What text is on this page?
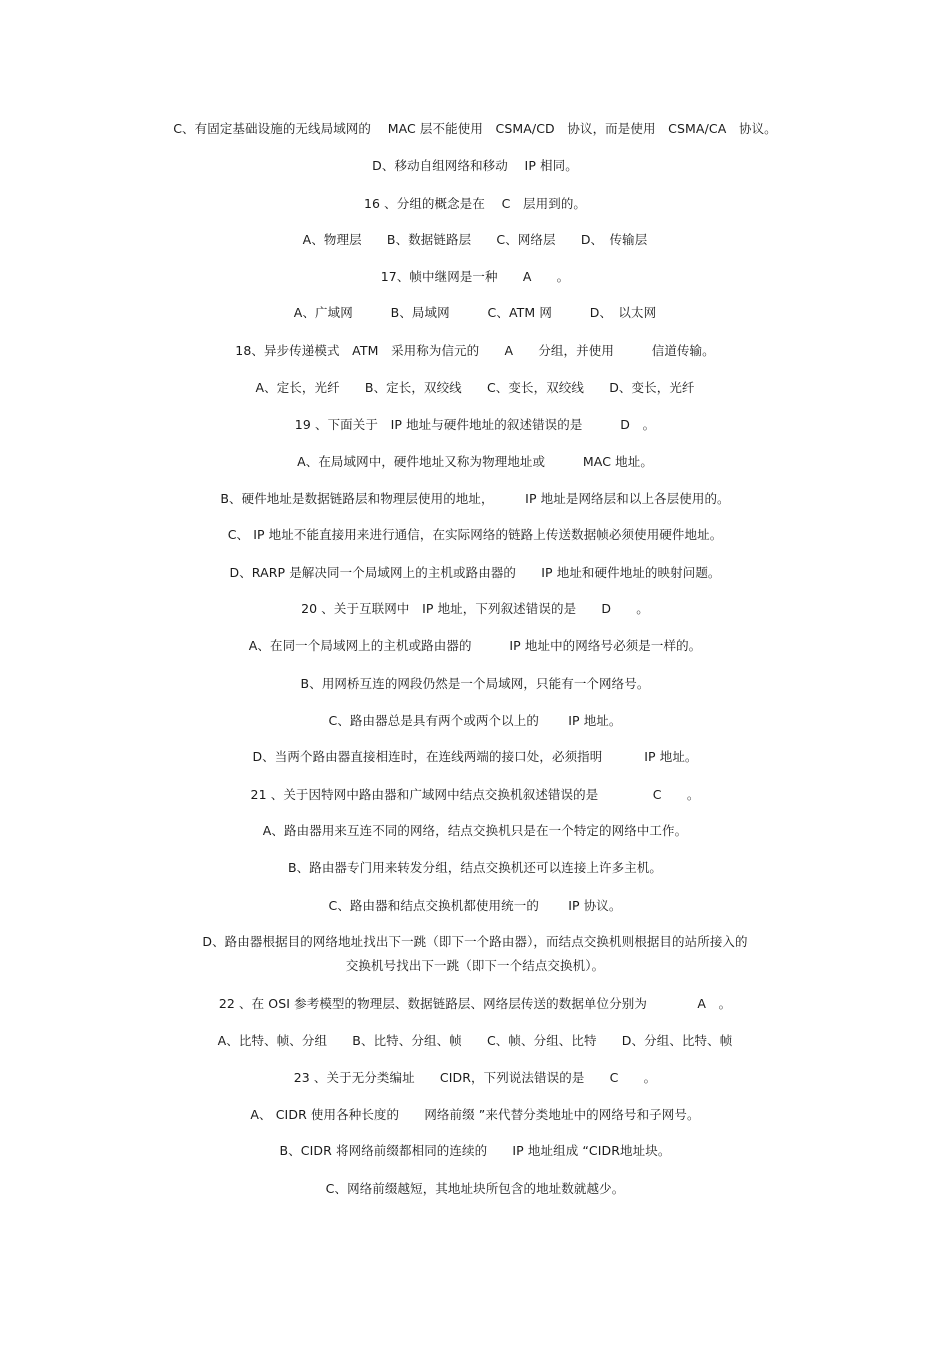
C、有固定基础设施的无线局域网的　 MAC 层不能使用　CSMA/CD　协议，而是使用　CSMA/CA　协议。
D、移动自组网络和移动　 IP 相同。
16 、分组的概念是在　 C　层用到的。
A、物理层　　B、数据链路层　　C、网络层　　D、　传输层
17、帧中继网是一种　　A　　。
A、广域网　　　B、局域网　　　C、ATM 网　　　D、　以太网
18、异步传递模式　ATM　采用称为信元的　　A　　分组，并使用　　　信道传输。
A、定长，光纤　　B、定长，双绞线　　C、变长，双绞线　　D、变长，光纤
19 、下面关于　IP 地址与硬件地址的叙述错误的是　　　D　。
A、在局域网中，硬件地址又称为物理地址或　　　MAC 地址。
B、硬件地址是数据链路层和物理层使用的地址，　　　IP 地址是网络层和以上各层使用的。
C、 IP 地址不能直接用来进行通信，在实际网络的链路上传送数据帧必须使用硬件地址。
D、RARP 是解决同一个局域网上的主机或路由器的　　IP 地址和硬件地址的映射问题。
20 、关于互联网中　IP 地址，下列叙述错误的是　　D　　。
A、在同一个局域网上的主机或路由器的　　　IP 地址中的网络号必须是一样的。
B、用网桥互连的网段仍然是一个局域网，只能有一个网络号。
C、路由器总是具有两个或两个以上的　　 IP 地址。
D、当两个路由器直接相连时，在连线两端的接口处，必须指明　　　 IP 地址。
21 、关于因特网中路由器和广域网中结点交换机叙述错误的是　　　　 C　　。
A、路由器用来互连不同的网络，结点交换机只是在一个特定的网络中工作。
B、路由器专门用来转发分组，结点交换机还可以连接上许多主机。
C、路由器和结点交换机都使用统一的　　 IP 协议。
D、路由器根据目的网络地址找出下一跳（即下一个路由器），而结点交换机则根据目的站所接入的
交换机号找出下一跳（即下一个结点交换机）。
22 、在 OSI 参考模型的物理层、数据链路层、网络层传送的数据单位分别为　　　　A　。
A、比特、帧、分组　　B、比特、分组、帧　　C、帧、分组、比特　　D、分组、比特、帧
23 、关于无分类编址　　CIDR，下列说法错误的是　　C　　。
A、 CIDR 使用各种长度的　　网络前缀 ”来代替分类地址中的网络号和子网号。
B、CIDR 将网络前缀都相同的连续的　　IP 地址组成 “CIDR地址块。
C、网络前缀越短，其地址块所包含的地址数就越少。
